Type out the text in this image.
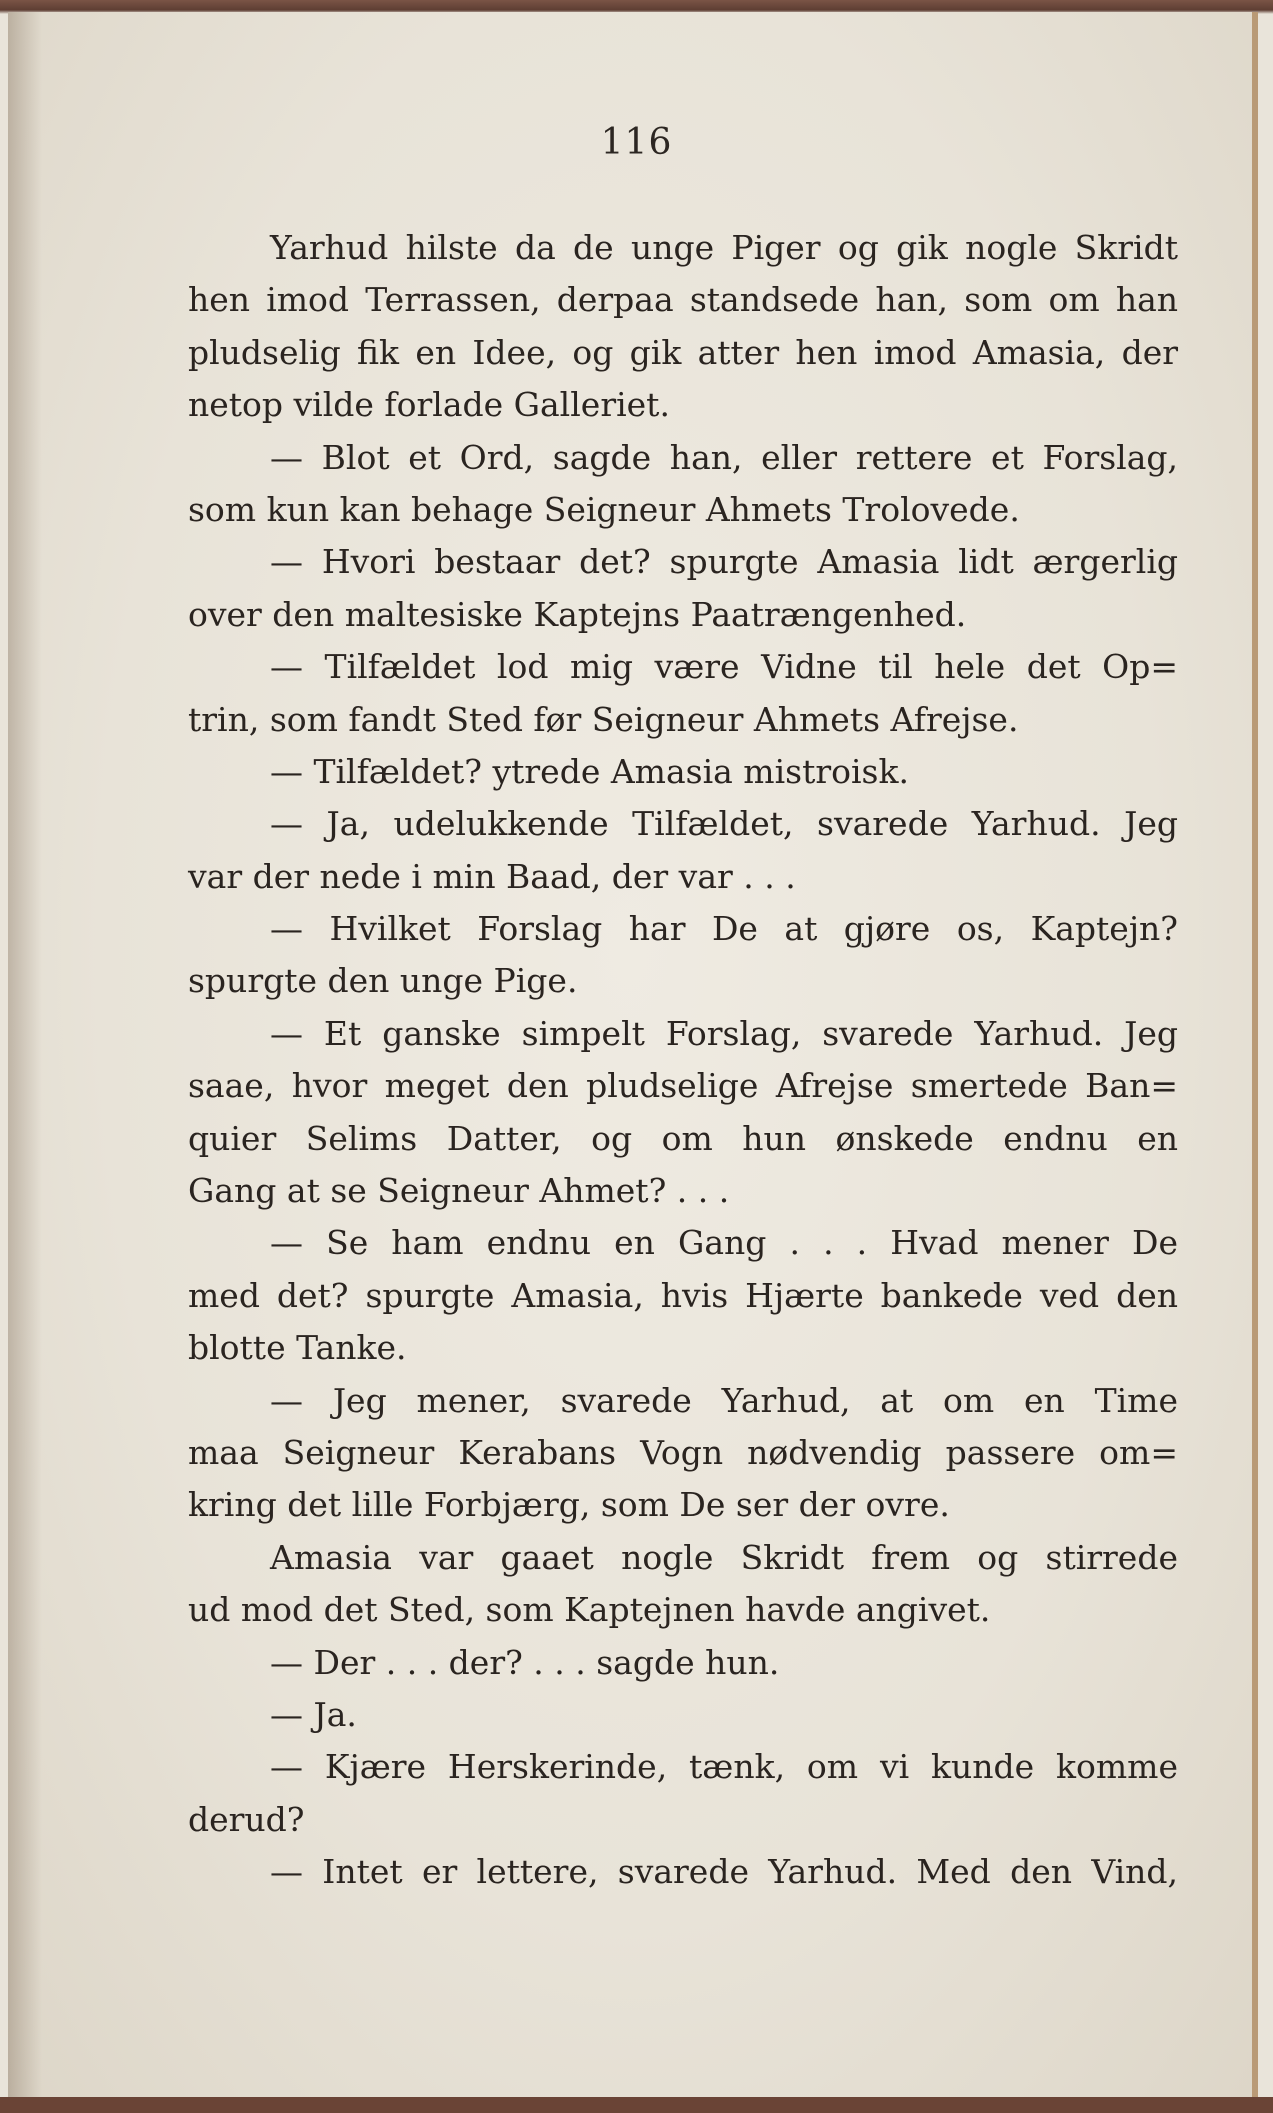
116
Yarhud hilste da de unge Piger og gik nogle Skridt
hen imod Terrassen, derpaa standsede han, som om han
pludselig fik en Idee, og gik atter hen imod Amasia, der
netop vilde forlade Galleriet.
— Blot et Ord, sagde han, eller rettere et Forslag,
som kun kan behage Seigneur Ahmets Trolovede.
— Hvori bestaar det? spurgte Amasia lidt ærgerlig
over den maltesiske Kaptejns Paatrængenhed.
— Tilfældet lod mig være Vidne til hele det Op=
trin, som fandt Sted før Seigneur Ahmets Afrejse.
— Tilfældet? ytrede Amasia mistroisk.
— Ja, udelukkende Tilfældet, svarede Yarhud. Jeg
var der nede i min Baad, der var . . .
— Hvilket Forslag har De at gjøre os, Kaptejn?
spurgte den unge Pige.
— Et ganske simpelt Forslag, svarede Yarhud. Jeg
saae, hvor meget den pludselige Afrejse smertede Ban=
quier Selims Datter, og om hun ønskede endnu en
Gang at se Seigneur Ahmet? . . .
— Se ham endnu en Gang . . . Hvad mener De
med det? spurgte Amasia, hvis Hjærte bankede ved den
blotte Tanke.
— Jeg mener, svarede Yarhud, at om en Time
maa Seigneur Kerabans Vogn nødvendig passere om=
kring det lille Forbjærg, som De ser der ovre.
Amasia var gaaet nogle Skridt frem og stirrede
ud mod det Sted, som Kaptejnen havde angivet.
— Der . . . der? . . . sagde hun.
— Ja.
— Kjære Herskerinde, tænk, om vi kunde komme
derud?
— Intet er lettere, svarede Yarhud. Med den Vind,
